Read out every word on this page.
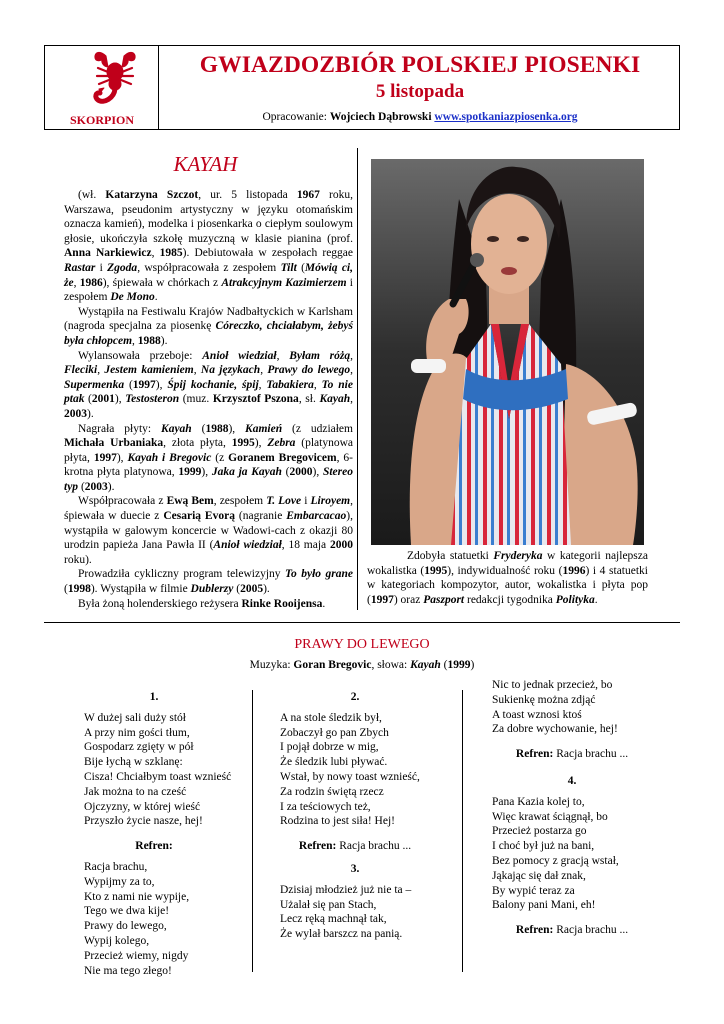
SKORPION
GWIAZDOZBIÓR POLSKIEJ PIOSENKI
5 listopada
Opracowanie: Wojciech Dąbrowski www.spotkaniazpiosenka.org
KAYAH

(wł. Katarzyna Szczot, ur. 5 listopada 1967 roku, Warszawa, pseudonim artystyczny w języku otomańskim oznacza kamień), modelka i piosenkarka o ciepłym soulowym głosie, ukończyła szkołę muzyczną w klasie pianina (prof. Anna Narkiewicz, 1985). Debiutowała w zespołach reggae Rastar i Zgoda, współpracowała z zespołem Tilt (Mówią ci, że, 1986), śpiewała w chórkach z Atrakcyjnym Kazimierzem i zespołem De Mono.

Wystąpiła na Festiwalu Krajów Nadbałtyckich w Karlsham (nagroda specjalna za piosenkę Córeczko, chciałabym, żebyś była chłopcem, 1988).

Wylansowała przeboje: Anioł wiedział, Byłam różą, Fleciki, Jestem kamieniem, Na językach, Prawy do lewego, Supermenka (1997), Śpij kochanie, śpij, Tabakiera, To nie ptak (2001), Testosteron (muz. Krzysztof Pszona, sł. Kayah, 2003).

Nagrała płyty: Kayah (1988), Kamień (z udziałem Michała Urbaniaka, złota płyta, 1995), Zebra (platynowa płyta, 1997), Kayah i Bregovic (z Goranem Bregovicem, 6-krotna płyta platynowa, 1999), Jaka ja Kayah (2000), Stereo typ (2003).

Współpracowała z Ewą Bem, zespołem T. Love i Liroyem, śpiewała w duecie z Cesarią Evorą (nagranie Embarcacao), wystąpiła w galowym koncercie w Wadowi-cach z okazji 80 urodzin papieża Jana Pawła II (Anioł wiedział, 18 maja 2000 roku).

Prowadziła cykliczny program telewizyjny To było grane (1998). Wystąpiła w filmie Dublerzy (2005).

Była żoną holenderskiego reżysera Rinke Rooijensa.

Zdobyła statuetki Fryderyka w kategorii najlepsza wokalistka (1995), indywidualność roku (1996) i 4 statuetki w kategoriach kompozytor, autor, wokalistka i płyta pop (1997) oraz Paszport redakcji tygodnika Polityka.

PRAWY DO LEWEGO
Muzyka: Goran Bregovic, słowa: Kayah (1999)
1.
W dużej sali duży stół
A przy nim gości tłum,
Gospodarz zgięty w pół
Bije łychą w szklanę:
Cisza! Chciałbym toast wznieść
Jak można to na cześć
Ojczyzny, w której wieść
Przyszło życie nasze, hej!
Refren:
Racja brachu,
Wypijmy za to,
Kto z nami nie wypije,
Tego we dwa kije!
Prawy do lewego,
Wypij kolego,
Przecież wiemy, nigdy
Nie ma tego złego!
2.
A na stole śledzik był,
Zobaczył go pan Zbych
I pojął dobrze w mig,
Że śledzik lubi pływać.
Wstał, by nowy toast wznieść,
Za rodzin świętą rzecz
I za teściowych też,
Rodzina to jest siła! Hej!
Refren: Racja brachu ...
3.
Dzisiaj młodzież już nie ta –
Użalał się pan Stach,
Lecz ręką machnął tak,
Że wylał barszcz na panią.
Nic to jednak przecież, bo
Sukienkę można zdjąć
A toast wznosi ktoś
Za dobre wychowanie, hej!
Refren: Racja brachu ...
4.
Pana Kazia kolej to,
Więc krawat ściągnął, bo
Przecież postarza go
I choć był już na bani,
Bez pomocy z gracją wstał,
Jąkając się dał znak,
By wypić teraz za
Balony pani Mani, eh!
Refren: Racja brachu ...
